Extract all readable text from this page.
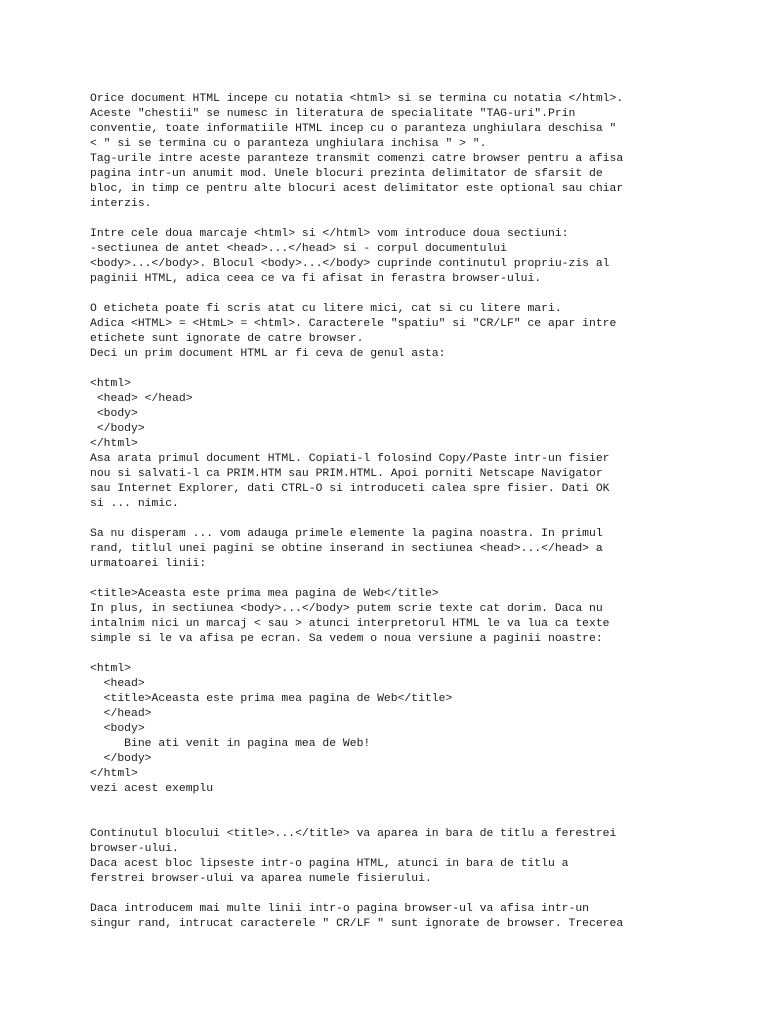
Orice document HTML incepe cu notatia <html> si se termina cu notatia </html>.
Aceste "chestii" se numesc in literatura de specialitate "TAG-uri".Prin
conventie, toate informatiile HTML incep cu o paranteza unghiulara deschisa "
< " si se termina cu o paranteza unghiulara inchisa " > ".
Tag-urile intre aceste paranteze transmit comenzi catre browser pentru a afisa
pagina intr-un anumit mod. Unele blocuri prezinta delimitator de sfarsit de
bloc, in timp ce pentru alte blocuri acest delimitator este optional sau chiar
interzis.
Intre cele doua marcaje <html> si </html> vom introduce doua sectiuni:
-sectiunea de antet <head>...</head> si - corpul documentului
<body>...</body>. Blocul <body>...</body> cuprinde continutul propriu-zis al
paginii HTML, adica ceea ce va fi afisat in ferastra browser-ului.
O eticheta poate fi scris atat cu litere mici, cat si cu litere mari.
Adica <HTML> = <HtmL> = <html>. Caracterele "spatiu" si "CR/LF" ce apar intre
etichete sunt ignorate de catre browser.
Deci un prim document HTML ar fi ceva de genul asta:
<html>
<head> </head>
<body>
</body>
</html>
Asa arata primul document HTML. Copiati-l folosind Copy/Paste intr-un fisier
nou si salvati-l ca PRIM.HTM sau PRIM.HTML. Apoi porniti Netscape Navigator
sau Internet Explorer, dati CTRL-O si introduceti calea spre fisier. Dati OK
si ... nimic.
Sa nu disperam ... vom adauga primele elemente la pagina noastra. In primul
rand, titlul unei pagini se obtine inserand in sectiunea <head>...</head> a
urmatoarei linii:
<title>Aceasta este prima mea pagina de Web</title>
In plus, in sectiunea <body>...</body> putem scrie texte cat dorim. Daca nu
intalnim nici un marcaj < sau > atunci interpretorul HTML le va lua ca texte
simple si le va afisa pe ecran. Sa vedem o noua versiune a paginii noastre:
<html>
<head>
<title>Aceasta este prima mea pagina de Web</title>
</head>
<body>
Bine ati venit in pagina mea de Web!
</body>
</html>
vezi acest exemplu
Continutul blocului <title>...</title> va aparea in bara de titlu a ferestrei
browser-ului.
Daca acest bloc lipseste intr-o pagina HTML, atunci in bara de titlu a
ferstrei browser-ului va aparea numele fisierului.
Daca introducem mai multe linii intr-o pagina browser-ul va afisa intr-un
singur rand, intrucat caracterele " CR/LF " sunt ignorate de browser. Trecerea
